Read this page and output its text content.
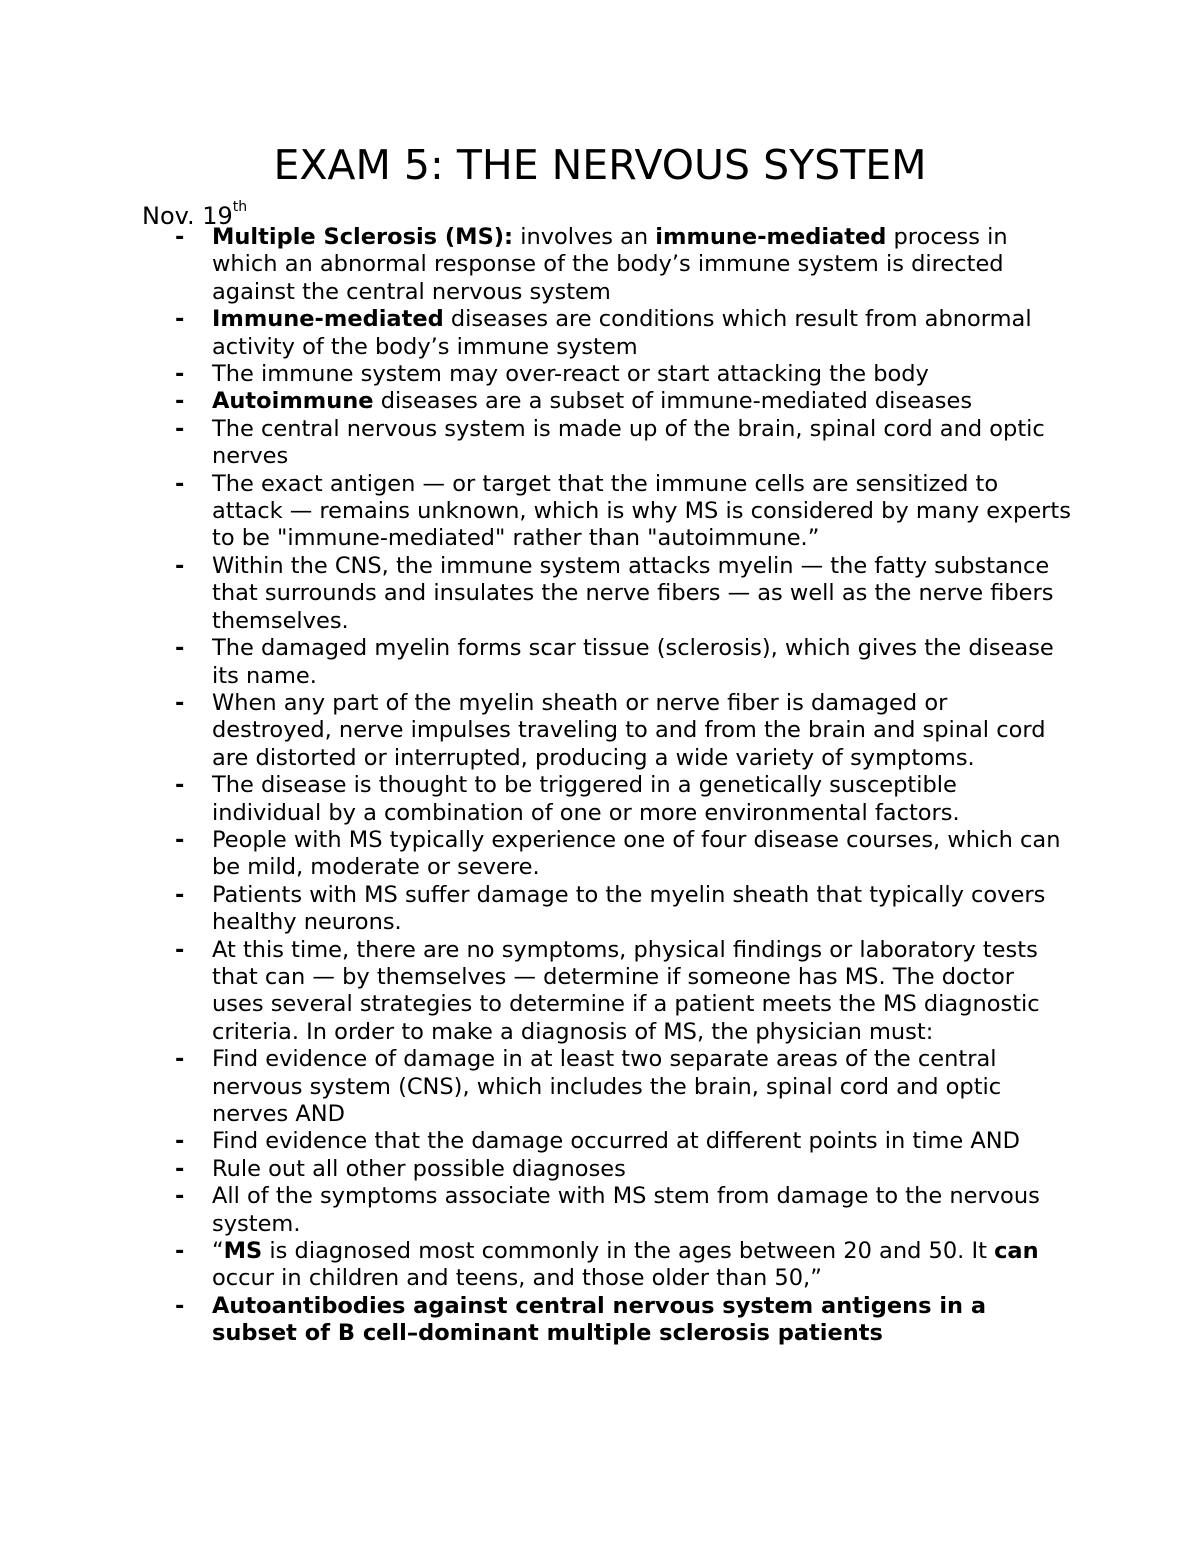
EXAM 5: THE NERVOUS SYSTEM
Nov. 19th
- Multiple Sclerosis (MS): involves an immune-mediated process in which an abnormal response of the body’s immune system is directed against the central nervous system
- Immune-mediated diseases are conditions which result from abnormal activity of the body’s immune system
- The immune system may over-react or start attacking the body
- Autoimmune diseases are a subset of immune-mediated diseases
- The central nervous system is made up of the brain, spinal cord and optic nerves
- The exact antigen — or target that the immune cells are sensitized to attack — remains unknown, which is why MS is considered by many experts to be "immune-mediated" rather than "autoimmune.”
- Within the CNS, the immune system attacks myelin — the fatty substance that surrounds and insulates the nerve fibers — as well as the nerve fibers themselves.
- The damaged myelin forms scar tissue (sclerosis), which gives the disease its name.
- When any part of the myelin sheath or nerve fiber is damaged or destroyed, nerve impulses traveling to and from the brain and spinal cord are distorted or interrupted, producing a wide variety of symptoms.
- The disease is thought to be triggered in a genetically susceptible individual by a combination of one or more environmental factors.
- People with MS typically experience one of four disease courses, which can be mild, moderate or severe.
- Patients with MS suffer damage to the myelin sheath that typically covers healthy neurons.
- At this time, there are no symptoms, physical findings or laboratory tests that can — by themselves — determine if someone has MS. The doctor uses several strategies to determine if a patient meets the MS diagnostic criteria. In order to make a diagnosis of MS, the physician must:
- Find evidence of damage in at least two separate areas of the central nervous system (CNS), which includes the brain, spinal cord and optic nerves AND
- Find evidence that the damage occurred at different points in time AND
- Rule out all other possible diagnoses
- All of the symptoms associate with MS stem from damage to the nervous system.
- “MS is diagnosed most commonly in the ages between 20 and 50. It can occur in children and teens, and those older than 50,”
- Autoantibodies against central nervous system antigens in a subset of B cell–dominant multiple sclerosis patients
